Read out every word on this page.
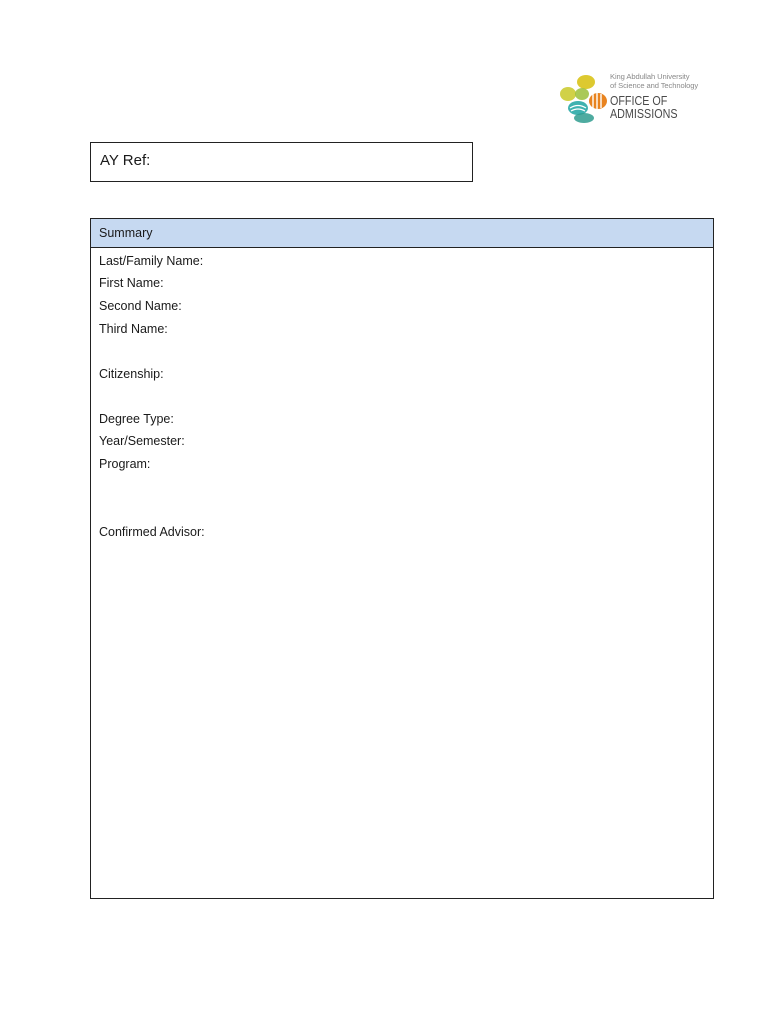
King Abdullah University
of Science and Technology
OFFICE OF
ADMISSIONS
AY Ref:
Summary
Last/Family Name:
First Name:
Second Name:
Third Name:
Citizenship:
Degree Type:
Year/Semester:
Program:
Confirmed Advisor:
